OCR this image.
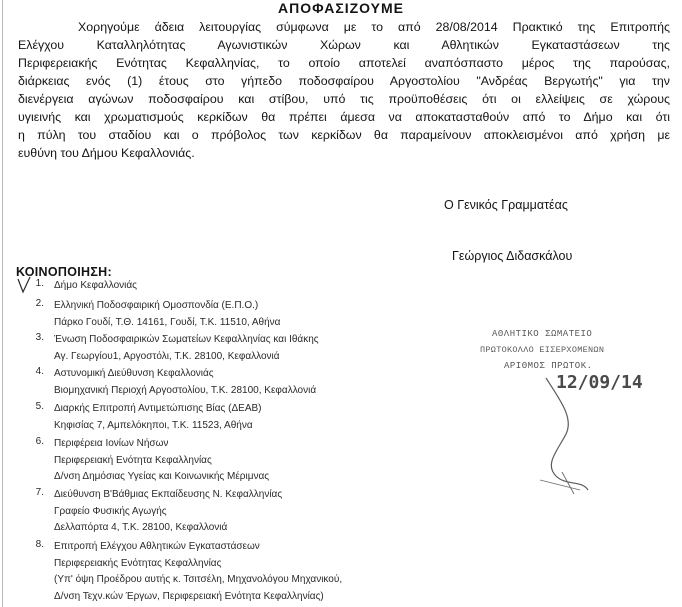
ΑΠΟΦΑΣΙΖΟΥΜΕ
Χορηγούμε άδεια λειτουργίας σύμφωνα με το από 28/08/2014 Πρακτικό της Επιτροπής
Ελέγχου Καταλληλότητας Αγωνιστικών Χώρων και Αθλητικών Εγκαταστάσεων της
Περιφερειακής Ενότητας Κεφαλληνίας, το οποίο αποτελεί αναπόσπαστο μέρος της παρούσας,
διάρκειας ενός (1) έτους στο γήπεδο ποδοσφαίρου Αργοστολίου "Ανδρέας Βεργωτής" για την
διενέργεια αγώνων ποδοσφαίρου και στίβου, υπό τις προϋποθέσεις ότι οι ελλείψεις σε χώρους
υγιεινής και χρωματισμούς κερκίδων θα πρέπει άμεσα να αποκατασταθούν από το Δήμο και ότι
η πύλη του σταδίου και ο πρόβολος των κερκίδων θα παραμείνουν αποκλεισμένοι από χρήση με
ευθύνη του Δήμου Κεφαλλονιάς.
Ο Γενικός Γραμματέας
Γεώργιος Διδασκάλου
ΚΟΙΝΟΠΟΙΗΣΗ:
1. Δήμο Κεφαλλονιάς
2. Ελληνική Ποδοσφαιρική Ομοσπονδία (Ε.Π.Ο.)
Πάρκο Γουδί, Τ.Θ. 14161, Γουδί, Τ.Κ. 11510, Αθήνα
3. Ένωση Ποδοσφαιρικών Σωματείων Κεφαλληνίας και Ιθάκης
Αγ. Γεωργίου1, Αργοστόλι, Τ.Κ. 28100, Κεφαλλονιά
4. Αστυνομική Διεύθυνση Κεφαλλονιάς
Βιομηχανική Περιοχή Αργοστολίου, Τ.Κ. 28100, Κεφαλλονιά
5. Διαρκής Επιτροπή Αντιμετώπισης Βίας (ΔΕΑΒ)
Κηφισίας 7, Αμπελόκηποι, Τ.Κ. 11523, Αθήνα
6. Περιφέρεια Ιονίων Νήσων
Περιφερειακή Ενότητα Κεφαλληνίας
Δ/νση Δημόσιας Υγείας και Κοινωνικής Μέριμνας
7. Διεύθυνση Β'Βάθμιας Εκπαίδευσης Ν. Κεφαλληνίας
Γραφείο Φυσικής Αγωγής
Δελλαπόρτα 4, Τ.Κ. 28100, Κεφαλλονιά
8. Επιτροπή Ελέγχου Αθλητικών Εγκαταστάσεων
Περιφερειακής Ενότητας Κεφαλληνίας
(Υπ' όψη Προέδρου αυτής κ. Τσιτσέλη, Μηχανολόγου Μηχανικού,
Δ/νση Τεχν.κών Έργων, Περιφερειακή Ενότητα Κεφαλληνίας)
ΑΘΛΗΤΙΚΟ ΣΩΜΑΤΕΙΟ
ΠΡΩΤΟΚΟΛΛΟ ΕΙΣΕΡΧΟΜΕΝΩΝ
ΑΡΙΘΜΟΣ ΠΡΩΤΟΚ.
12/09/14
